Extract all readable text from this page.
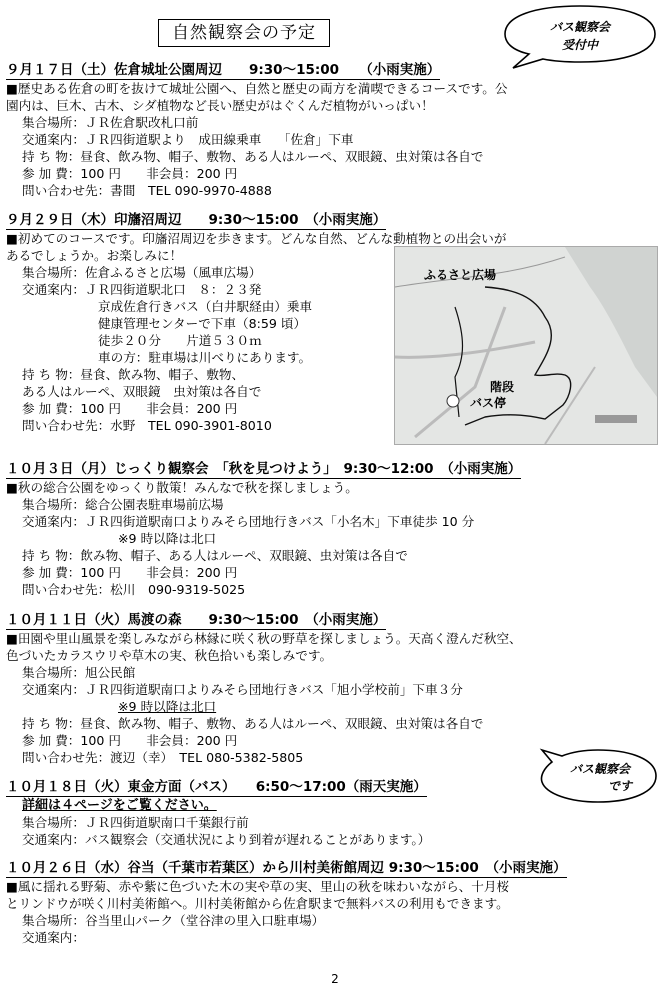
自然観察会の予定	バス観察会
受付中
９月１７日（土）佐倉城址公園周辺　　9:30～15:00　　（小雨実施）
■歴史ある佐倉の町を抜けて城址公園へ、自然と歴史の両方を満喫できるコースです。公
園内は、巨木、古木、シダ植物など長い歴史がはぐくんだ植物がいっぱい！
集合場所：ＪＲ佐倉駅改札口前
交通案内：ＪＲ四街道駅より　成田線乗車　 「佐倉」下車
持 ち 物：昼食、飲み物、帽子、敷物、ある人はルーペ、双眼鏡、虫対策は各自で
参 加 費：100 円　　非会員：200 円
問い合わせ先：書間　TEL 090-9970-4888
９月２９日（木）印旛沼周辺　　9:30～15:00　（小雨実施）
■初めてのコースです。印旛沼周辺を歩きます。どんな自然、どんな動植物との出会いが
あるでしょうか。お楽しみに！
集合場所：佐倉ふるさと広場（風車広場）
交通案内：ＪＲ四街道駅北口　８：２３発
京成佐倉行きバス（白井駅経由）乗車
健康管理センターで下車（8:59 頃）
徒歩２０分　　片道５３０ｍ
車の方：駐車場は川べりにあります。
持 ち 物：昼食、飲み物、帽子、敷物、
ある人はルーペ、双眼鏡　虫対策は各自で
参 加 費：100 円　　非会員：200 円
問い合わせ先：水野　TEL 090-3901-8010
ふるさと広場
階段
バス停
１０月３日（月）じっくり観察会　「秋を見つけよう」　9:30～12:00　（小雨実施）
■秋の総合公園をゆっくり散策！みんなで秋を探しましょう。
集合場所：総合公園表駐車場前広場
交通案内：ＪＲ四街道駅南口よりみそら団地行きバス「小名木」下車徒歩 10 分
※9 時以降は北口
持 ち 物：飲み物、帽子、ある人はルーペ、双眼鏡、虫対策は各自で
参 加 費：100 円　　非会員：200 円
問い合わせ先：松川　090-9319-5025
１０月１１日（火）馬渡の森　　9:30～15:00　（小雨実施）
■田園や里山風景を楽しみながら林縁に咲く秋の野草を探しましょう。天高く澄んだ秋空、
色づいたカラスウリや草木の実、秋色拾いも楽しみです。
集合場所：旭公民館
交通案内：ＪＲ四街道駅南口よりみそら団地行きバス「旭小学校前」下車３分
※9 時以降は北口
持 ち 物：昼食、飲み物、帽子、敷物、ある人はルーペ、双眼鏡、虫対策は各自で
参 加 費：100 円　　非会員：200 円
問い合わせ先：渡辺（幸）　TEL 080-5382-5805
バス観察会
です
１０月１８日（火）東金方面（バス）　　6:50～17:00（雨天実施）
詳細は４ページをご覧ください。
集合場所：ＪＲ四街道駅南口千葉銀行前
交通案内：バス観察会（交通状況により到着が遅れることがあります。）
１０月２６日（水）谷当（千葉市若葉区）から川村美術館周辺 9:30～15:00　（小雨実施）
■風に揺れる野菊、赤や紫に色づいた木の実や草の実、里山の秋を味わいながら、十月桜
とリンドウが咲く川村美術館へ。川村美術館から佐倉駅まで無料バスの利用もできます。
集合場所：谷当里山パーク（堂谷津の里入口駐車場）
交通案内：
2
